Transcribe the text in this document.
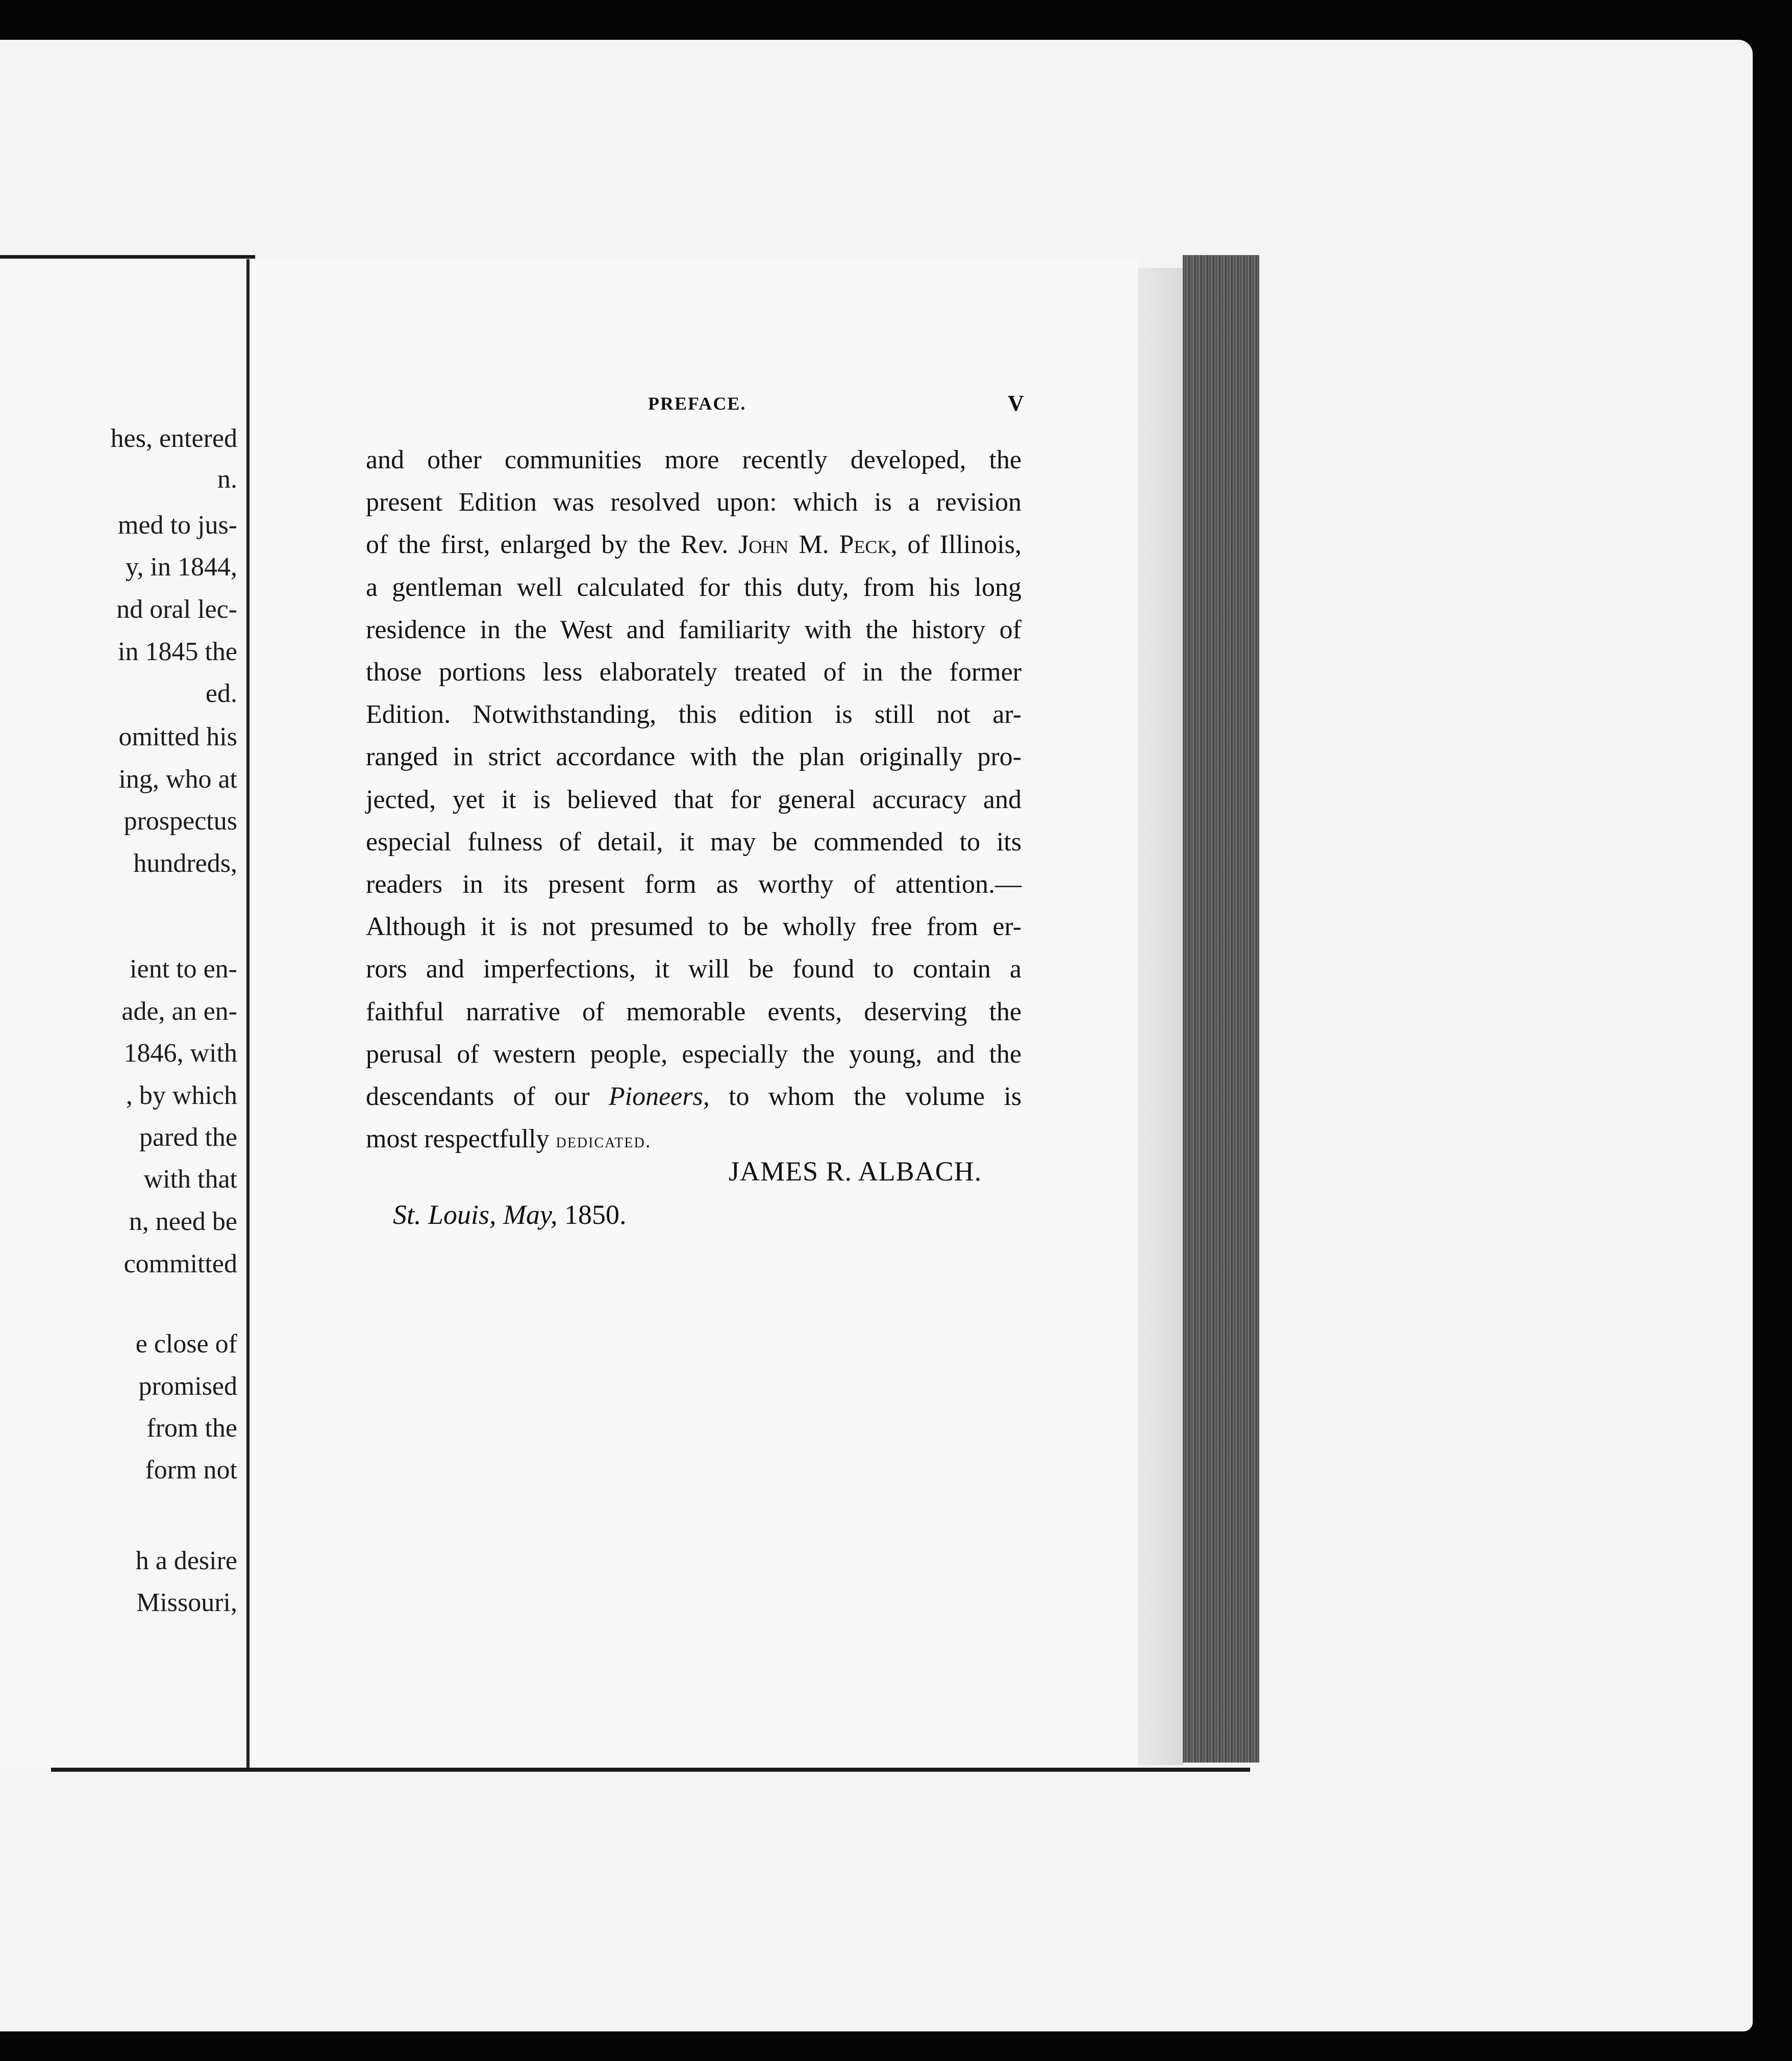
hes, entered
n.
med to jus-
y, in 1844,
nd oral lec-
in 1845 the
ed.
omitted his
ing, who at
prospectus
hundreds,
ient to en-
ade, an en-
1846, with
, by which
pared the
with that
n, need be
committed
e close of
promised
from the
form not
h a desire
Missouri,
PREFACE.	V
and other communities more recently developed, the
present Edition was resolved upon: which is a revision
of the first, enlarged by the Rev. John M. Peck, of Illinois,
a gentleman well calculated for this duty, from his long
residence in the West and familiarity with the history of
those portions less elaborately treated of in the former
Edition. Notwithstanding, this edition is still not ar-
ranged in strict accordance with the plan originally pro-
jected, yet it is believed that for general accuracy and
especial fulness of detail, it may be commended to its
readers in its present form as worthy of attention.—
Although it is not presumed to be wholly free from er-
rors and imperfections, it will be found to contain a
faithful narrative of memorable events, deserving the
perusal of western people, especially the young, and the
descendants of our Pioneers, to whom the volume is
most respectfully dedicated.
JAMES R. ALBACH.
St. Louis, May, 1850.
